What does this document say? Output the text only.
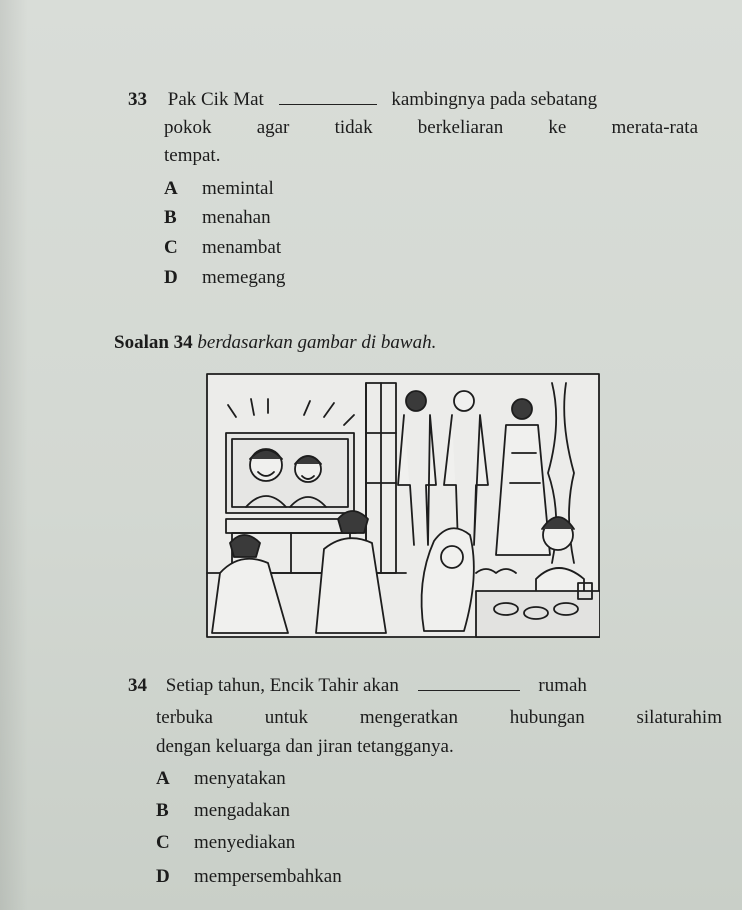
33 Pak Cik Mat	kambingnya pada sebatang
pokok agar tidak berkeliaran ke merata-rata
tempat.
A memintal
B menahan
C menambat
D memegang
Soalan 34 berdasarkan gambar di bawah.
34 Setiap tahun, Encik Tahir akan	rumah
terbuka untuk mengeratkan hubungan silaturahim
dengan keluarga dan jiran tetangganya.
A menyatakan
B mengadakan
C menyediakan
D mempersembahkan
